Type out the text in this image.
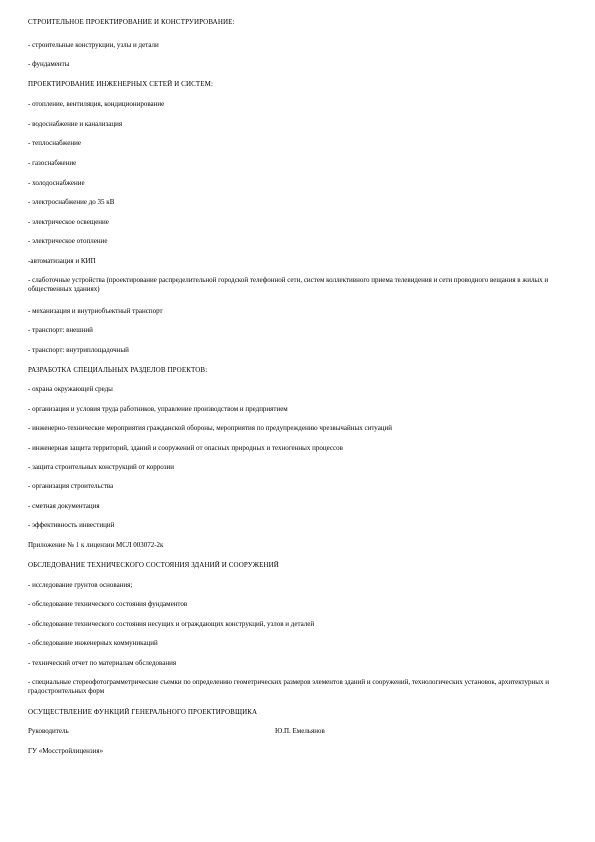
СТРОИТЕЛЬНОЕ ПРОЕКТИРОВАНИЕ И КОНСТРУИРОВАНИЕ:
- строительные конструкции, узлы и детали
- фундаменты
ПРОЕКТИРОВАНИЕ ИНЖЕНЕРНЫХ СЕТЕЙ И СИСТЕМ:
- отопление, вентиляция, кондиционирование
- водоснабжение и канализация
- теплоснабжение
- газоснабжение
- холодоснабжение
- электроснабжение до 35 кВ
- электрическое освещение
- электрическое отопление
-автоматизация и КИП
- слаботочные устройства (проектирование распределительной городской телефонной сети, систем коллективного приема телевидения и сети проводного вещания в жилых и общественных зданиях)
- механизация и внутриобъектный транспорт
- транспорт: внешний
- транспорт: внутриплощадочный
РАЗРАБОТКА СПЕЦИАЛЬНЫХ РАЗДЕЛОВ ПРОЕКТОВ:
- охрана окружающей среды
- организация и условия труда работников, управление производством и предприятием
- инженерно-технические мероприятия гражданской обороны, мероприятия по предупреждению чрезвычайных ситуаций
- инженерная защита территорий, зданий и сооружений от опасных природных и техногенных процессов
- защита строительных конструкций от коррозии
- организация строительства
- сметная документация
- эффективность инвестиций
Приложение № 1 к лицензии МСЛ 003072-2к
ОБСЛЕДОВАНИЕ ТЕХНИЧЕСКОГО СОСТОЯНИЯ ЗДАНИЙ И СООРУЖЕНИЙ
- исследование грунтов основания;
- обследование технического состояния фундаментов
- обследование технического состояния несущих и ограждающих конструкций, узлов и деталей
- обследование инженерных коммуникаций
- технический отчет по материалам обследования
- специальные стереофотограмметрические съемки по определению геометрических размеров элементов зданий и сооружений, технологических установок, архитектурных и градостроительных форм
ОСУЩЕСТВЛЕНИЕ ФУНКЦИЙ ГЕНЕРАЛЬНОГО ПРОЕКТИРОВЩИКА
Руководитель	Ю.П. Емельянов
ГУ «Мосстройлицензия»
